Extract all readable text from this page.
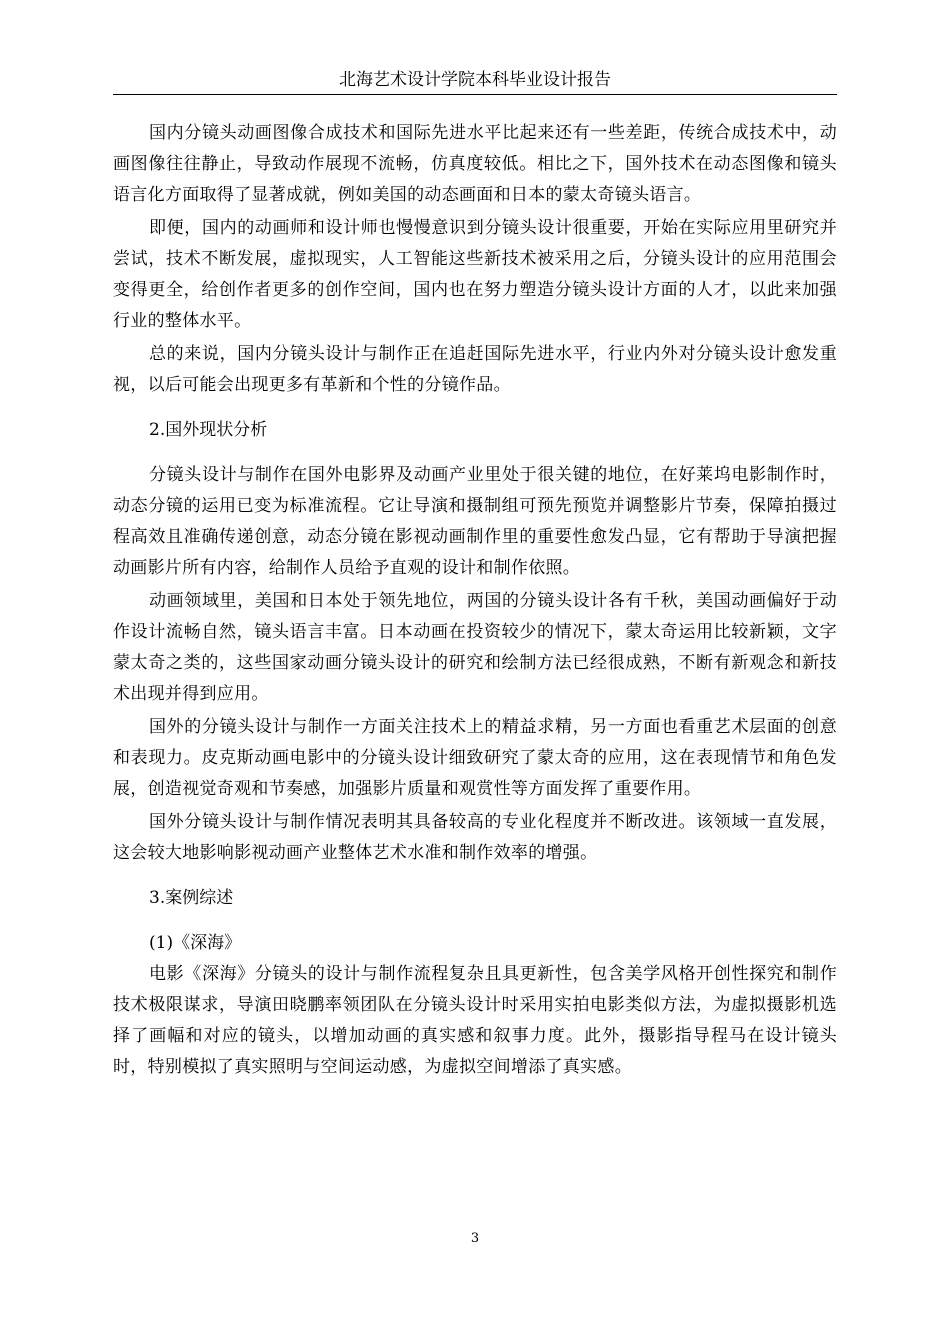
北海艺术设计学院本科毕业设计报告

国内分镜头动画图像合成技术和国际先进水平比起来还有一些差距，传统合成技术中，动画图像往往静止，导致动作展现不流畅，仿真度较低。相比之下，国外技术在动态图像和镜头语言化方面取得了显著成就，例如美国的动态画面和日本的蒙太奇镜头语言。

即便，国内的动画师和设计师也慢慢意识到分镜头设计很重要，开始在实际应用里研究并尝试，技术不断发展，虚拟现实，人工智能这些新技术被采用之后，分镜头设计的应用范围会变得更全，给创作者更多的创作空间，国内也在努力塑造分镜头设计方面的人才，以此来加强行业的整体水平。

总的来说，国内分镜头设计与制作正在追赶国际先进水平，行业内外对分镜头设计愈发重视，以后可能会出现更多有革新和个性的分镜作品。

2.国外现状分析

分镜头设计与制作在国外电影界及动画产业里处于很关键的地位，在好莱坞电影制作时，动态分镜的运用已变为标准流程。它让导演和摄制组可预先预览并调整影片节奏，保障拍摄过程高效且准确传递创意，动态分镜在影视动画制作里的重要性愈发凸显，它有帮助于导演把握动画影片所有内容，给制作人员给予直观的设计和制作依照。

动画领域里，美国和日本处于领先地位，两国的分镜头设计各有千秋，美国动画偏好于动作设计流畅自然，镜头语言丰富。日本动画在投资较少的情况下，蒙太奇运用比较新颖，文字蒙太奇之类的，这些国家动画分镜头设计的研究和绘制方法已经很成熟，不断有新观念和新技术出现并得到应用。

国外的分镜头设计与制作一方面关注技术上的精益求精，另一方面也看重艺术层面的创意和表现力。皮克斯动画电影中的分镜头设计细致研究了蒙太奇的应用，这在表现情节和角色发展，创造视觉奇观和节奏感，加强影片质量和观赏性等方面发挥了重要作用。

国外分镜头设计与制作情况表明其具备较高的专业化程度并不断改进。该领域一直发展，这会较大地影响影视动画产业整体艺术水准和制作效率的增强。

3.案例综述
(1)《深海》

电影《深海》分镜头的设计与制作流程复杂且具更新性，包含美学风格开创性探究和制作技术极限谋求，导演田晓鹏率领团队在分镜头设计时采用实拍电影类似方法，为虚拟摄影机选择了画幅和对应的镜头，以增加动画的真实感和叙事力度。此外，摄影指导程马在设计镜头时，特别模拟了真实照明与空间运动感，为虚拟空间增添了真实感。

3
